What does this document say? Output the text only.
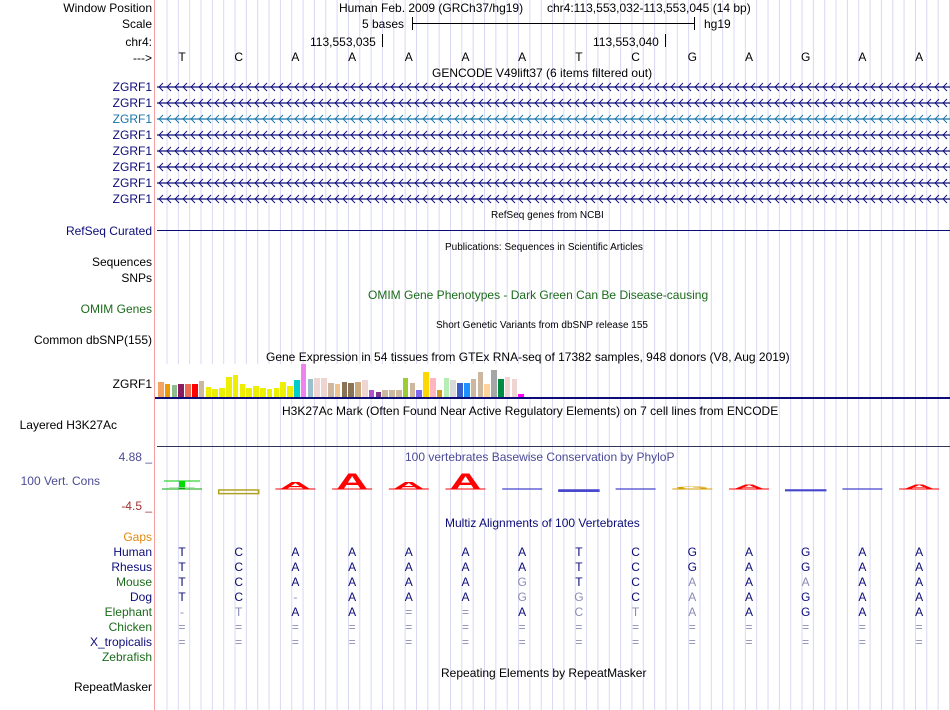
Window Position
Scale
chr4:
--->
Human Feb. 2009 (GRCh37/hg19) chr4:113,553,032-113,553,045 (14 bp)
5 bases	hg19
113,553,035	113,553,040
T	C	A	A	A	A	A	T	C	G	A	G	A	A
GENCODE V49lift37 (6 items filtered out)
ZGRF1
ZGRF1
ZGRF1
ZGRF1
ZGRF1
ZGRF1
ZGRF1
ZGRF1
RefSeq genes from NCBI
RefSeq Curated
Publications: Sequences in Scientific Articles
Sequences
SNPs
OMIM Gene Phenotypes - Dark Green Can Be Disease-causing
OMIM Genes
Short Genetic Variants from dbSNP release 155
Common dbSNP(155)
Gene Expression in 54 tissues from GTEx RNA-seq of 17382 samples, 948 donors (V8, Aug 2019)
ZGRF1
H3K27Ac Mark (Often Found Near Active Regulatory Elements) on 7 cell lines from ENCODE
Layered H3K27Ac
100 vertebrates Basewise Conservation by PhyloP
4.88 _
100 Vert. Cons
-4.5 _
T	A A A A	G A	A
Multiz Alignments of 100 Vertebrates
Gaps
Human	T	C	A	A	A	A	A	T	C	G	A	G	A	A
Rhesus	T	C	A	A	A	A	A	T	C	G	A	G	A	A
Mouse	T	C	A	A	A	A	G	T	C	A	A	A	A	A
Dog	T	C	-	A	A	A	G	G	C	A	A	G	A	A
Elephant	-	T	A	A	=	=	A	C	T	A	A	G	A	A
Chicken	=	=	=	=	=	=	=	=	=	=	=	=	=	=
X_tropicalis	=	=	=	=	=	=	=	=	=	=	=	=	=	=
Zebrafish
Repeating Elements by RepeatMasker
RepeatMasker
